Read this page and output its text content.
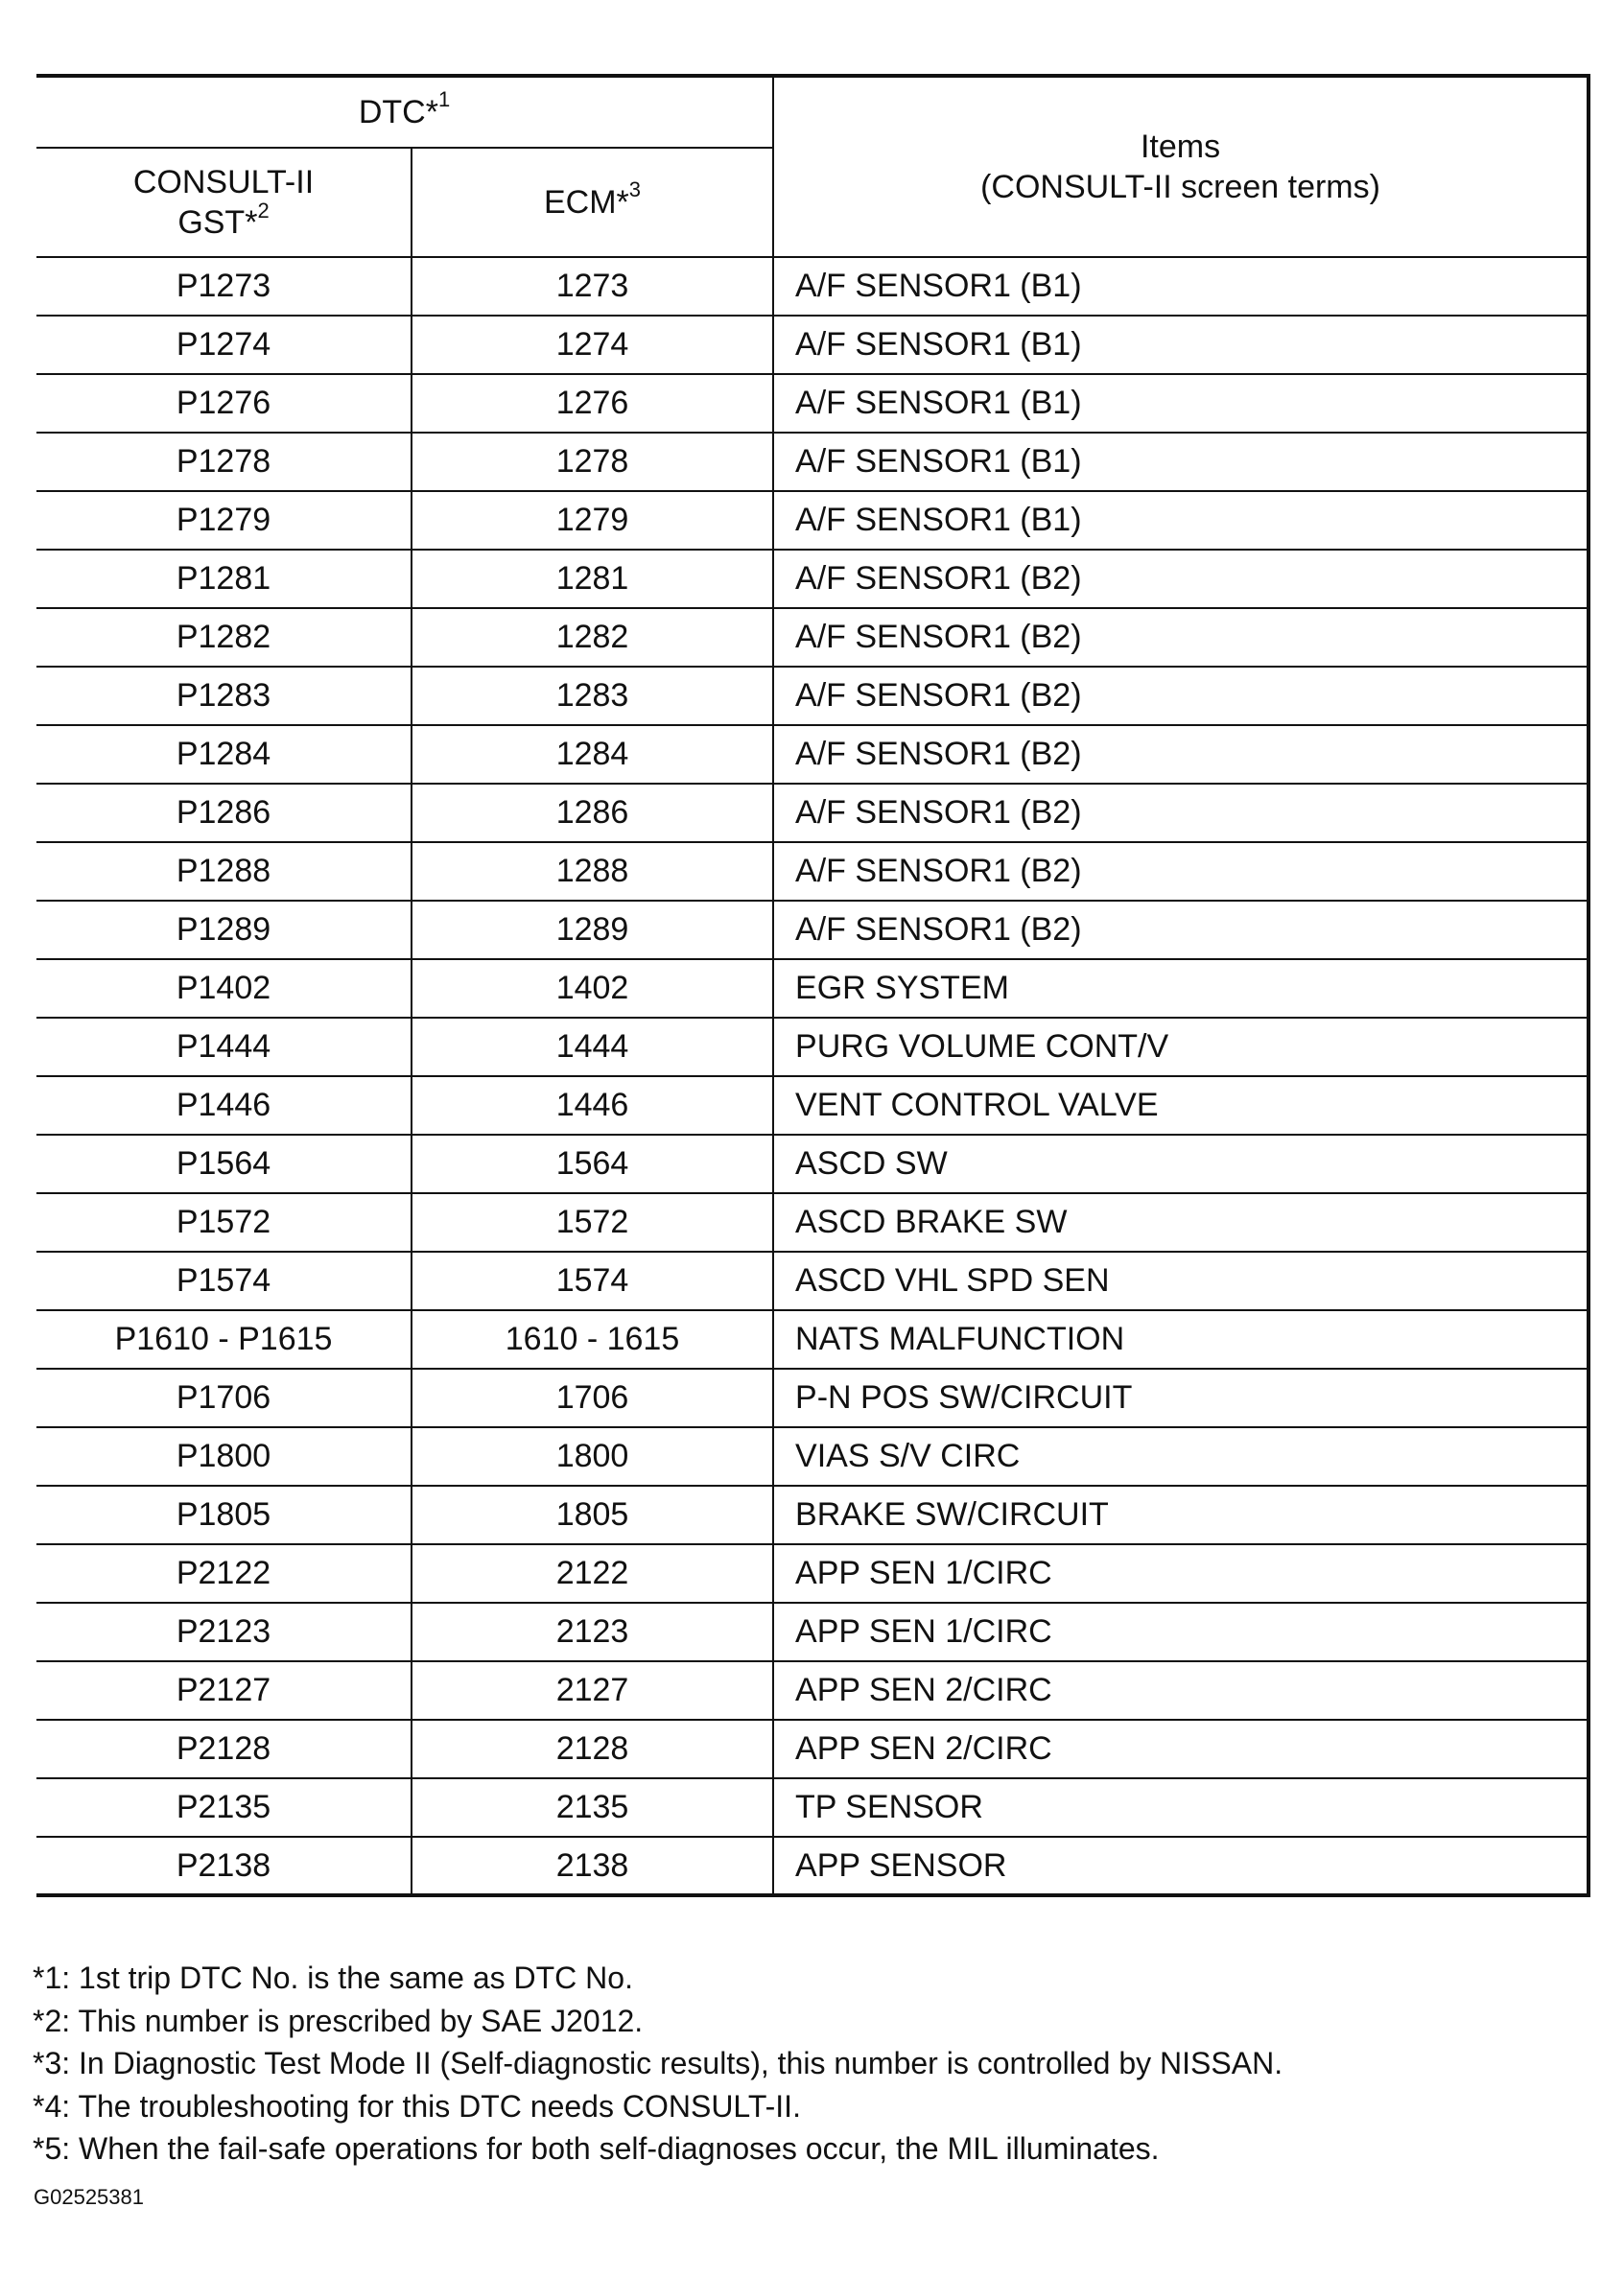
DTC*$^1$		Items
(CONSULT-II screen terms)

CONSULT-II
GST*$^2$	ECM*$^3$
P1273	1273	A/F SENSOR1 (B1)
P1274	1274	A/F SENSOR1 (B1)
P1276	1276	A/F SENSOR1 (B1)
P1278	1278	A/F SENSOR1 (B1)
P1279	1279	A/F SENSOR1 (B1)
P1281	1281	A/F SENSOR1 (B2)
P1282	1282	A/F SENSOR1 (B2)
P1283	1283	A/F SENSOR1 (B2)
P1284	1284	A/F SENSOR1 (B2)
P1286	1286	A/F SENSOR1 (B2)
P1288	1288	A/F SENSOR1 (B2)
P1289	1289	A/F SENSOR1 (B2)
P1402	1402	EGR SYSTEM
P1444	1444	PURG VOLUME CONT/V
P1446	1446	VENT CONTROL VALVE
P1564	1564	ASCD SW
P1572	1572	ASCD BRAKE SW
P1574	1574	ASCD VHL SPD SEN
P1610 - P1615	1610 - 1615	NATS MALFUNCTION
P1706	1706	P-N POS SW/CIRCUIT
P1800	1800	VIAS S/V CIRC
P1805	1805	BRAKE SW/CIRCUIT
P2122	2122	APP SEN 1/CIRC
P2123	2123	APP SEN 1/CIRC
P2127	2127	APP SEN 2/CIRC
P2128	2128	APP SEN 2/CIRC
P2135	2135	TP SENSOR
P2138	2138	APP SENSOR
*1: 1st trip DTC No. is the same as DTC No.
*2: This number is prescribed by SAE J2012.
*3: In Diagnostic Test Mode II (Self-diagnostic results), this number is controlled by NISSAN.
*4: The troubleshooting for this DTC needs CONSULT-II.
*5: When the fail-safe operations for both self-diagnoses occur, the MIL illuminates.
G02525381
